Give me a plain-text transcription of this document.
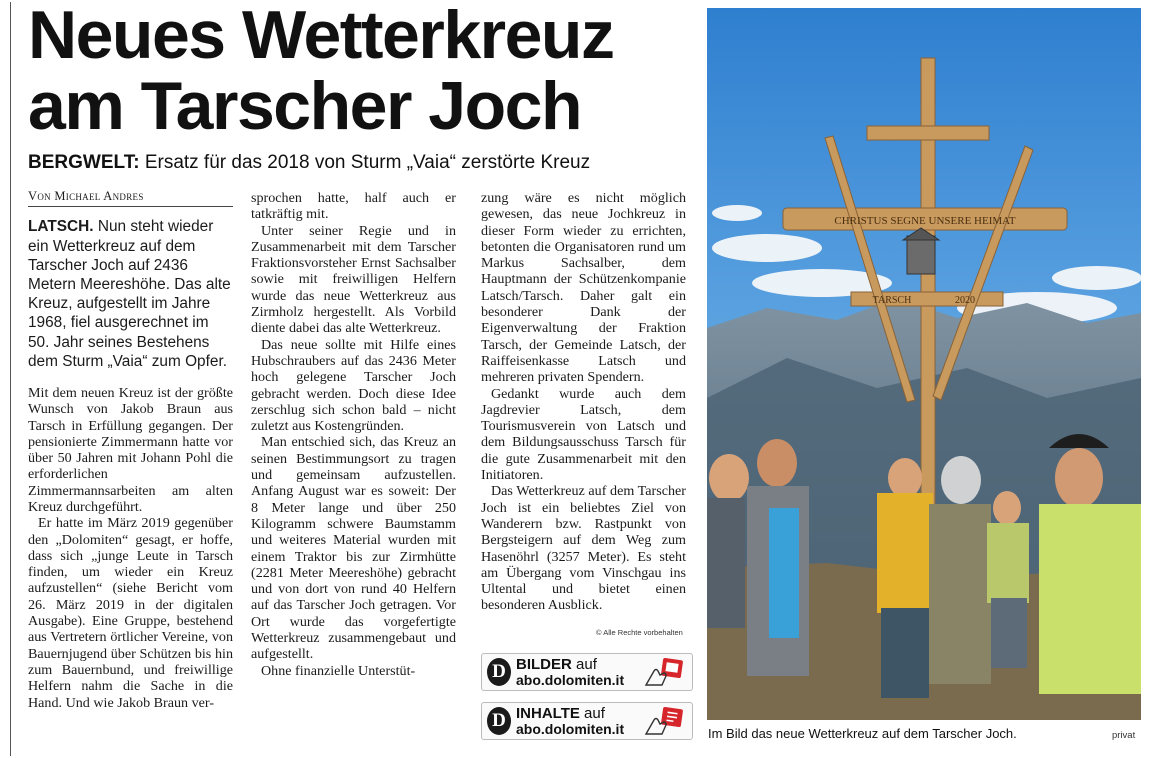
Neues Wetterkreuz
am Tarscher Joch
BERGWELT: Ersatz für das 2018 von Sturm „Vaia“ zerstörte Kreuz
Von Michael Andres

LATSCH. Nun steht wieder ein Wetterkreuz auf dem Tarscher Joch auf 2436 Metern Meereshöhe. Das alte Kreuz, aufgestellt im Jahre 1968, fiel ausgerechnet im 50. Jahr seines Bestehens dem Sturm „Vaia“ zum Opfer.

Mit dem neuen Kreuz ist der größte Wunsch von Jakob Braun aus Tarsch in Erfüllung gegangen. Der pensionierte Zimmermann hatte vor über 50 Jahren mit Johann Pohl die erforderlichen Zimmermannsarbeiten am alten Kreuz durchgeführt.

Er hatte im März 2019 gegenüber den „Dolomiten“ gesagt, er hoffe, dass sich „junge Leute in Tarsch finden, um wieder ein Kreuz aufzustellen“ (siehe Bericht vom 26. März 2019 in der digitalen Ausgabe). Eine Gruppe, bestehend aus Vertretern örtlicher Vereine, von Bauernjugend über Schützen bis hin zum Bauernbund, und freiwillige Helfern nahm die Sache in die Hand. Und wie Jakob Braun ver-

sprochen hatte, half auch er tatkräftig mit.

Unter seiner Regie und in Zusammenarbeit mit dem Tarscher Fraktionsvorsteher Ernst Sachsalber sowie mit freiwilligen Helfern wurde das neue Wetterkreuz aus Zirmholz hergestellt. Als Vorbild diente dabei das alte Wetterkreuz.

Das neue sollte mit Hilfe eines Hubschraubers auf das 2436 Meter hoch gelegene Tarscher Joch gebracht werden. Doch diese Idee zerschlug sich schon bald – nicht zuletzt aus Kostengründen.

Man entschied sich, das Kreuz an seinen Bestimmungsort zu tragen und gemeinsam aufzustellen. Anfang August war es soweit: Der 8 Meter lange und über 250 Kilogramm schwere Baumstamm und weiteres Material wurden mit einem Traktor bis zur Zirmhütte (2281 Meter Meereshöhe) gebracht und von dort von rund 40 Helfern auf das Tarscher Joch getragen. Vor Ort wurde das vorgefertigte Wetterkreuz zusammengebaut und aufgestellt.

Ohne finanzielle Unterstüt-

zung wäre es nicht möglich gewesen, das neue Jochkreuz in dieser Form wieder zu errichten, betonten die Organisatoren rund um Markus Sachsalber, dem Hauptmann der Schützenkompanie Latsch/Tarsch. Daher galt ein besonderer Dank der Eigenverwaltung der Fraktion Tarsch, der Gemeinde Latsch, der Raiffeisenkasse Latsch und mehreren privaten Spendern.

Gedankt wurde auch dem Jagdrevier Latsch, dem Tourismusverein von Latsch und dem Bildungsausschuss Tarsch für die gute Zusammenarbeit mit den Initiatoren.

Das Wetterkreuz auf dem Tarscher Joch ist ein beliebtes Ziel von Wanderern bzw. Rastpunkt von Bergsteigern auf dem Weg zum Hasenöhrl (3257 Meter). Es steht am Übergang vom Vinschgau ins Ultental und bietet einen besonderen Ausblick.

© Alle Rechte vorbehalten
D BILDER auf
abo.dolomiten.it
D INHALTE auf
abo.dolomiten.it
CHRISTUS SEGNE UNSERE HEIMAT
TARSCH	2020
Im Bild das neue Wetterkreuz auf dem Tarscher Joch.	privat
